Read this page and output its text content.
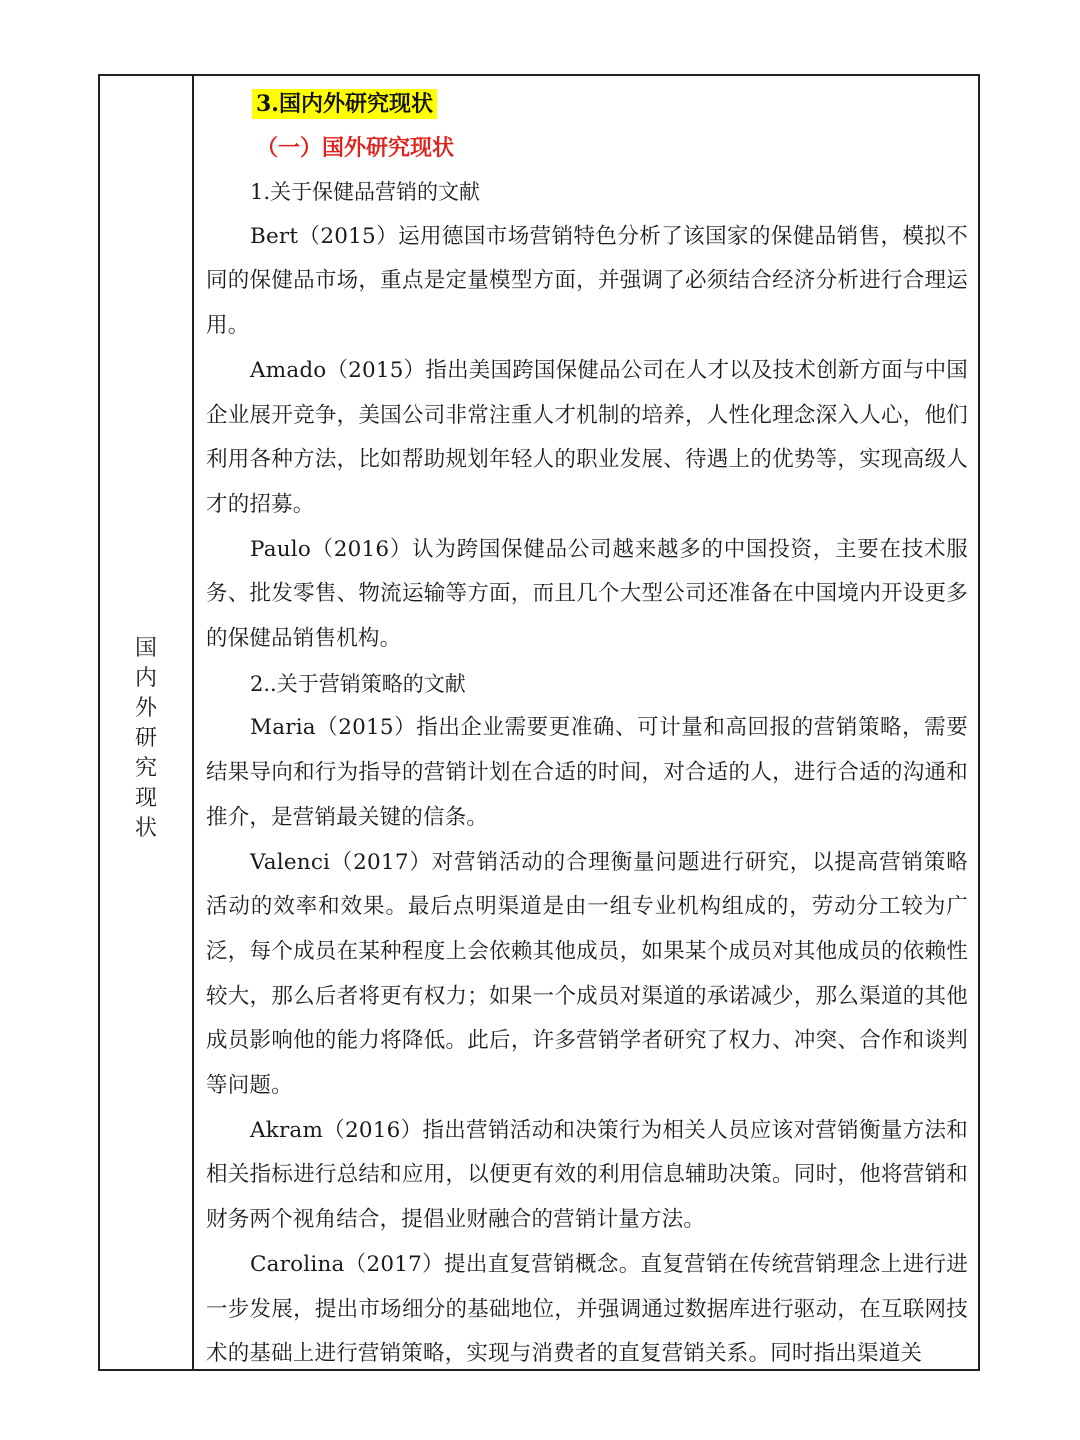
国
内
外
研
究
现
状
3.国内外研究现状
（一）国外研究现状

1.关于保健品营销的文献

Bert（2015）运用德国市场营销特色分析了该国家的保健品销售，模拟不同的保健品市场，重点是定量模型方面，并强调了必须结合经济分析进行合理运用。

Amado（2015）指出美国跨国保健品公司在人才以及技术创新方面与中国企业展开竞争，美国公司非常注重人才机制的培养，人性化理念深入人心，他们利用各种方法，比如帮助规划年轻人的职业发展、待遇上的优势等，实现高级人才的招募。

Paulo（2016）认为跨国保健品公司越来越多的中国投资，主要在技术服务、批发零售、物流运输等方面，而且几个大型公司还准备在中国境内开设更多的保健品销售机构。

2..关于营销策略的文献

Maria（2015）指出企业需要更准确、可计量和高回报的营销策略，需要结果导向和行为指导的营销计划在合适的时间，对合适的人，进行合适的沟通和推介，是营销最关键的信条。

Valenci（2017）对营销活动的合理衡量问题进行研究，以提高营销策略活动的效率和效果。最后点明渠道是由一组专业机构组成的，劳动分工较为广泛，每个成员在某种程度上会依赖其他成员，如果某个成员对其他成员的依赖性较大，那么后者将更有权力；如果一个成员对渠道的承诺减少，那么渠道的其他成员影响他的能力将降低。此后，许多营销学者研究了权力、冲突、合作和谈判等问题。

Akram（2016）指出营销活动和决策行为相关人员应该对营销衡量方法和相关指标进行总结和应用，以便更有效的利用信息辅助决策。同时，他将营销和财务两个视角结合，提倡业财融合的营销计量方法。

Carolina（2017）提出直复营销概念。直复营销在传统营销理念上进行进一步发展，提出市场细分的基础地位，并强调通过数据库进行驱动，在互联网技术的基础上进行营销策略，实现与消费者的直复营销关系。同时指出渠道关
